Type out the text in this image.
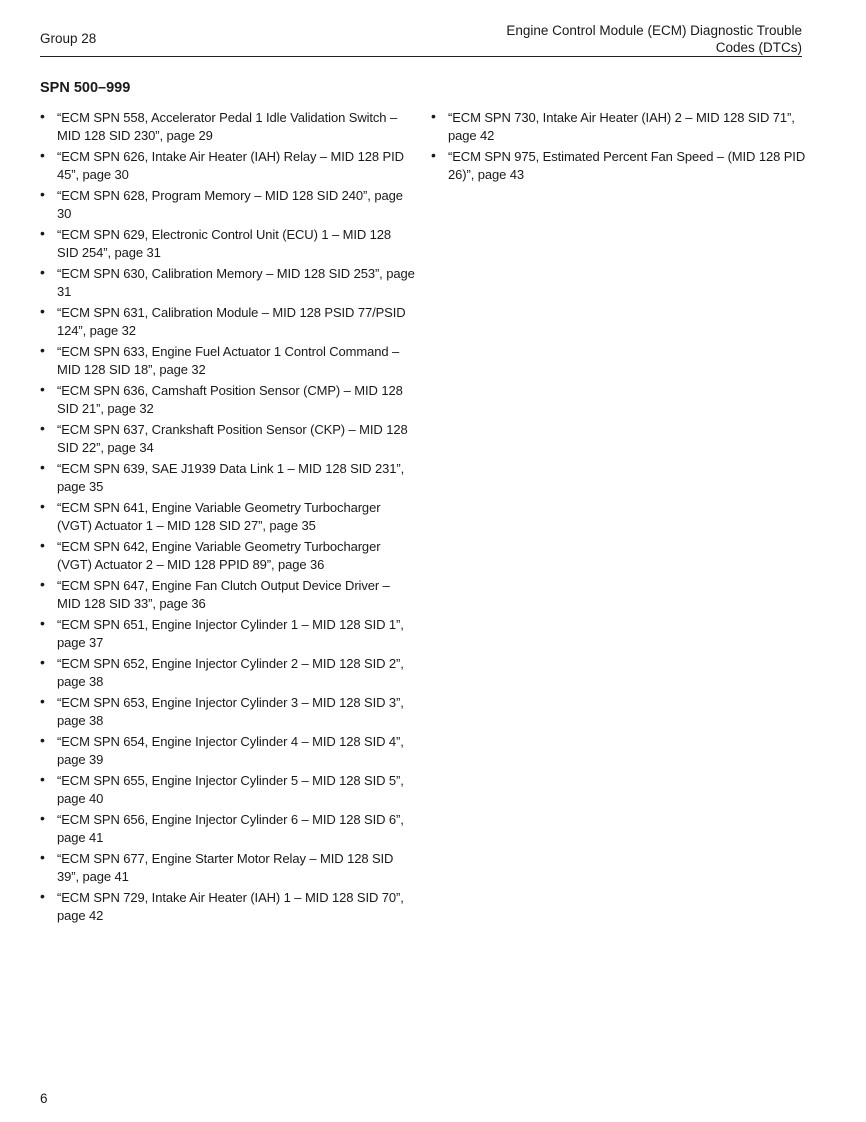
Group 28
Engine Control Module (ECM) Diagnostic Trouble
Codes (DTCs)
SPN 500–999
• “ECM SPN 558, Accelerator Pedal 1 Idle Validation Switch – MID 128 SID 230”, page 29
• “ECM SPN 626, Intake Air Heater (IAH) Relay – MID 128 PID 45”, page 30
• “ECM SPN 628, Program Memory – MID 128 SID 240”, page 30
• “ECM SPN 629, Electronic Control Unit (ECU) 1 – MID 128 SID 254”, page 31
• “ECM SPN 630, Calibration Memory – MID 128 SID 253”, page 31
• “ECM SPN 631, Calibration Module – MID 128 PSID 77/PSID 124”, page 32
• “ECM SPN 633, Engine Fuel Actuator 1 Control Command – MID 128 SID 18”, page 32
• “ECM SPN 636, Camshaft Position Sensor (CMP) – MID 128 SID 21”, page 32
• “ECM SPN 637, Crankshaft Position Sensor (CKP) – MID 128 SID 22”, page 34
• “ECM SPN 639, SAE J1939 Data Link 1 – MID 128 SID 231”, page 35
• “ECM SPN 641, Engine Variable Geometry Turbocharger (VGT) Actuator 1 – MID 128 SID 27”, page 35
• “ECM SPN 642, Engine Variable Geometry Turbocharger (VGT) Actuator 2 – MID 128 PPID 89”, page 36
• “ECM SPN 647, Engine Fan Clutch Output Device Driver – MID 128 SID 33”, page 36
• “ECM SPN 651, Engine Injector Cylinder 1 – MID 128 SID 1”, page 37
• “ECM SPN 652, Engine Injector Cylinder 2 – MID 128 SID 2”, page 38
• “ECM SPN 653, Engine Injector Cylinder 3 – MID 128 SID 3”, page 38
• “ECM SPN 654, Engine Injector Cylinder 4 – MID 128 SID 4”, page 39
• “ECM SPN 655, Engine Injector Cylinder 5 – MID 128 SID 5”, page 40
• “ECM SPN 656, Engine Injector Cylinder 6 – MID 128 SID 6”, page 41
• “ECM SPN 677, Engine Starter Motor Relay – MID 128 SID 39”, page 41
• “ECM SPN 729, Intake Air Heater (IAH) 1 – MID 128 SID 70”, page 42
• “ECM SPN 730, Intake Air Heater (IAH) 2 – MID 128 SID 71”, page 42
• “ECM SPN 975, Estimated Percent Fan Speed – (MID 128 PID 26)”, page 43
6
